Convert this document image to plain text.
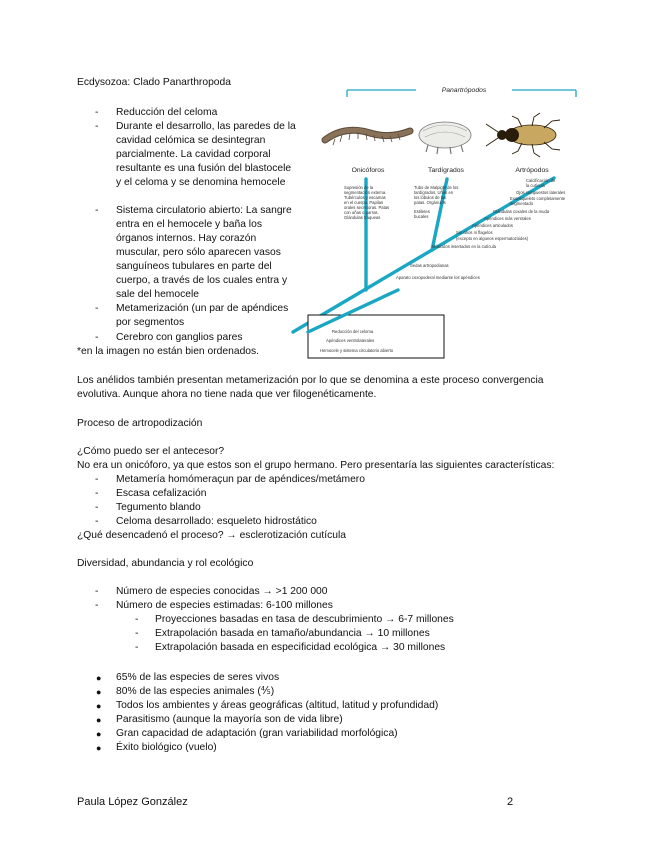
Ecdysozoa: Clado Panarthropoda
- Reducción del celoma
- Durante el desarrollo, las paredes de la cavidad celómica se desintegran parcialmente. La cavidad corporal resultante es una fusión del blastocele y el celoma y se denomina hemocele
- Sistema circulatorio abierto: La sangre entra en el hemocele y baña los órganos internos. Hay corazón muscular, pero sólo aparecen vasos sanguíneos tubulares en parte del cuerpo, a través de los cuales entra y sale del hemocele
- Metamerización (un par de apéndices por segmentos
- Cerebro con ganglios pares
*en la imagen no están bien ordenados.
Panartrópodos
Onicóforos	Tardígrados	Artrópodos
Supresión de la
segmentación externa.
Tubérculos y escamas
en el cuerpo. Papilas
orales secretoras. Patas
con uñas o garras.
Glándulas tráqueas
Tubo de Malpighi de los
tardígrados. Uñas en
los lóbulos de las
patas. Orgánulos
Estiletes
bucales
Calcificación de
la cutícula
Ojos compuestos laterales
Exoesqueleto completamente
segmentado
Glándulas coxales de la muda
Apéndices más ventrales
Apéndices articulados
Sin cilios ni flagelos
(excepto en algunos espermatozoides)
Músculos insertados en la cutícula
Sedas artropodianas
Aparato coxopoderal mediante los apéndices
Reducción del celoma
Apéndices ventrolaterales
Hemocele y sistema circulatorio abierto
Los anélidos también presentan metamerización por lo que se denomina a este proceso convergencia evolutiva. Aunque ahora no tiene nada que ver filogenéticamente.
Proceso de artropodización
¿Cómo puedo ser el antecesor?
No era un onicóforo, ya que estos son el grupo hermano. Pero presentaría las siguientes características:
- Metamería homómeraçun par de apéndices/metámero
- Escasa cefalización
- Tegumento blando
- Celoma desarrollado: esqueleto hidrostático
¿Qué desencadenó el proceso? → esclerotización cutícula
Diversidad, abundancia y rol ecológico
- Número de especies conocidas → >1 200 000
- Número de especies estimadas: 6-100 millones
- Proyecciones basadas en tasa de descubrimiento → 6-7 millones
- Extrapolación basada en tamaño/abundancia → 10 millones
- Extrapolación basada en especificidad ecológica → 30 millones
● 65% de las especies de seres vivos
● 80% de las especies animales (⅘)
● Todos los ambientes y áreas geográficas (altitud, latitud y profundidad)
● Parasitismo (aunque la mayoría son de vida libre)
● Gran capacidad de adaptación (gran variabilidad morfológica)
● Éxito biológico (vuelo)
Paula López González	2
